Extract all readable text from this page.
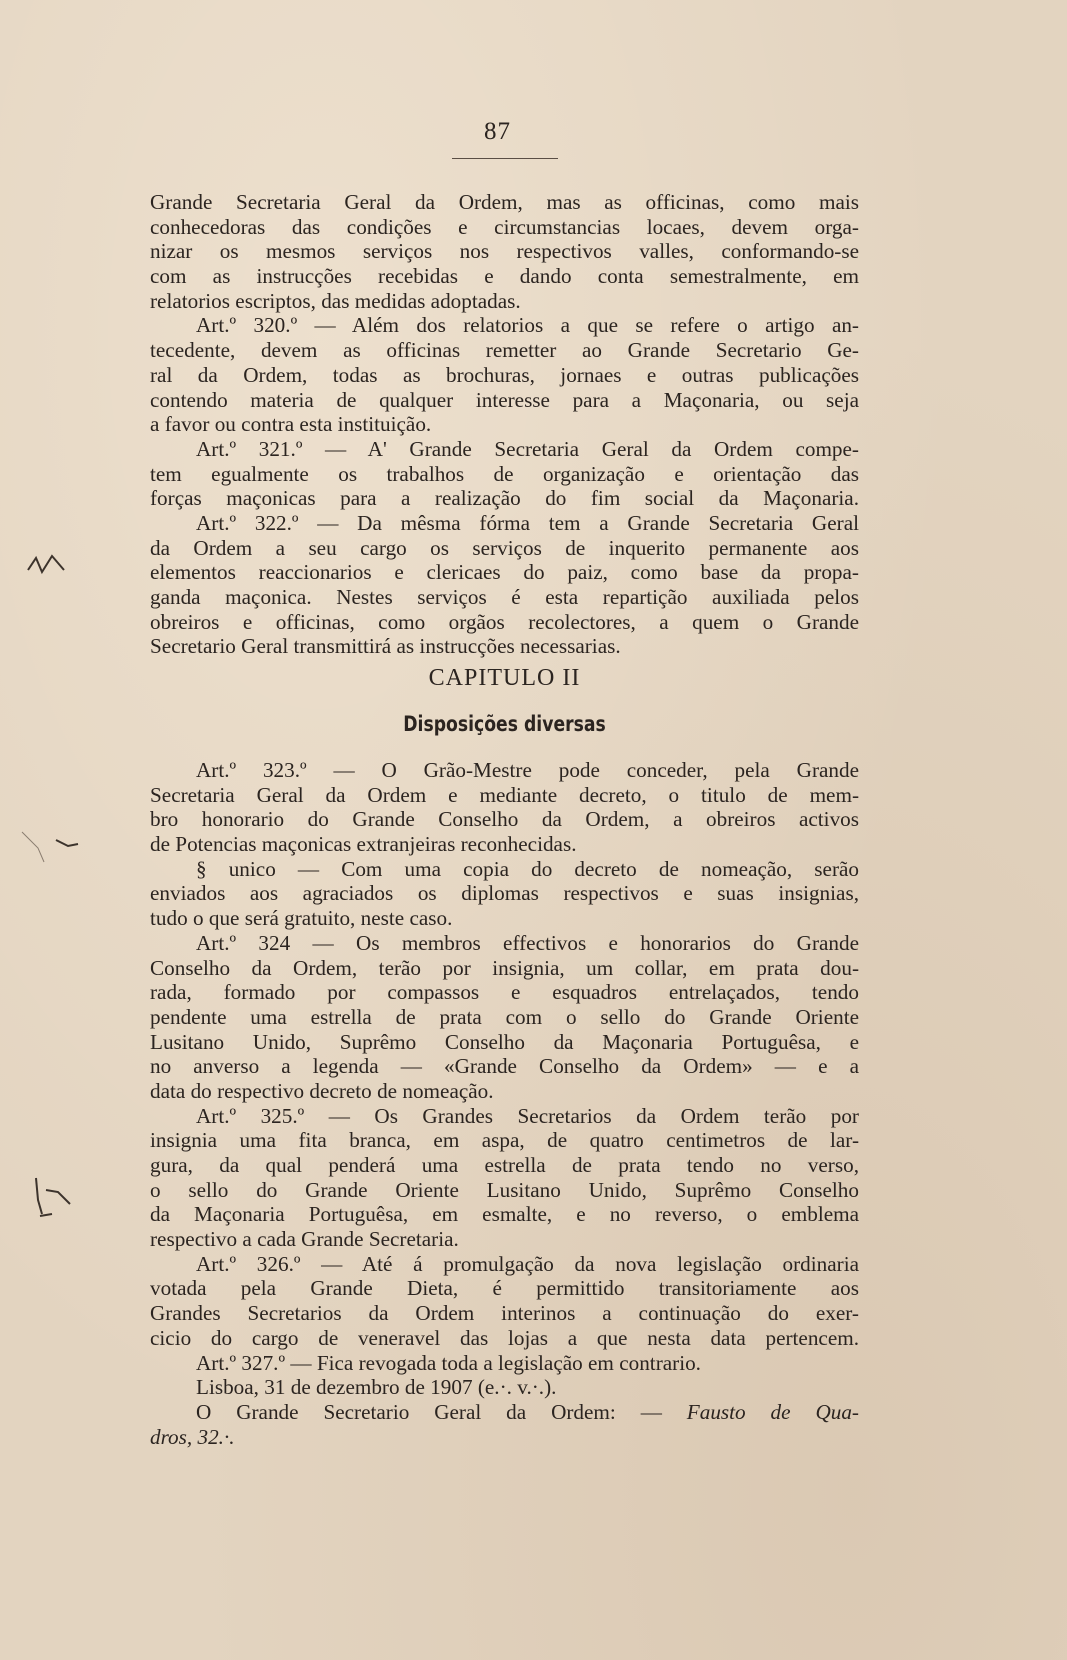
87
Grande Secretaria Geral da Ordem, mas as officinas, como mais
conhecedoras das condições e circumstancias locaes, devem orga-
nizar os mesmos serviços nos respectivos valles, conformando-se
com as instrucções recebidas e dando conta semestralmente, em
relatorios escriptos, das medidas adoptadas.
Art.º 320.º — Além dos relatorios a que se refere o artigo an-
tecedente, devem as officinas remetter ao Grande Secretario Ge-
ral da Ordem, todas as brochuras, jornaes e outras publicações
contendo materia de qualquer interesse para a Maçonaria, ou seja
a favor ou contra esta instituição.
Art.º 321.º — A' Grande Secretaria Geral da Ordem compe-
tem egualmente os trabalhos de organização e orientação das
forças maçonicas para a realização do fim social da Maçonaria.
Art.º 322.º — Da mêsma fórma tem a Grande Secretaria Geral
da Ordem a seu cargo os serviços de inquerito permanente aos
elementos reaccionarios e clericaes do paiz, como base da propa-
ganda maçonica. Nestes serviços é esta repartição auxiliada pelos
obreiros e officinas, como orgãos recolectores, a quem o Grande
Secretario Geral transmittirá as instrucções necessarias.
CAPITULO II
Disposições diversas
Art.º 323.º — O Grão-Mestre pode conceder, pela Grande
Secretaria Geral da Ordem e mediante decreto, o titulo de mem-
bro honorario do Grande Conselho da Ordem, a obreiros activos
de Potencias maçonicas extranjeiras reconhecidas.
§ unico — Com uma copia do decreto de nomeação, serão
enviados aos agraciados os diplomas respectivos e suas insignias,
tudo o que será gratuito, neste caso.
Art.º 324 — Os membros effectivos e honorarios do Grande
Conselho da Ordem, terão por insignia, um collar, em prata dou-
rada, formado por compassos e esquadros entrelaçados, tendo
pendente uma estrella de prata com o sello do Grande Oriente
Lusitano Unido, Suprêmo Conselho da Maçonaria Portuguêsa, e
no anverso a legenda — «Grande Conselho da Ordem» — e a
data do respectivo decreto de nomeação.
Art.º 325.º — Os Grandes Secretarios da Ordem terão por
insignia uma fita branca, em aspa, de quatro centimetros de lar-
gura, da qual penderá uma estrella de prata tendo no verso,
o sello do Grande Oriente Lusitano Unido, Suprêmo Conselho
da Maçonaria Portuguêsa, em esmalte, e no reverso, o emblema
respectivo a cada Grande Secretaria.
Art.º 326.º — Até á promulgação da nova legislação ordinaria
votada pela Grande Dieta, é permittido transitoriamente aos
Grandes Secretarios da Ordem interinos a continuação do exer-
cicio do cargo de veneravel das lojas a que nesta data pertencem.
Art.º 327.º — Fica revogada toda a legislação em contrario.
Lisboa, 31 de dezembro de 1907 (e.·. v.·.).
O Grande Secretario Geral da Ordem: — Fausto de Qua-
dros, 32.·.
